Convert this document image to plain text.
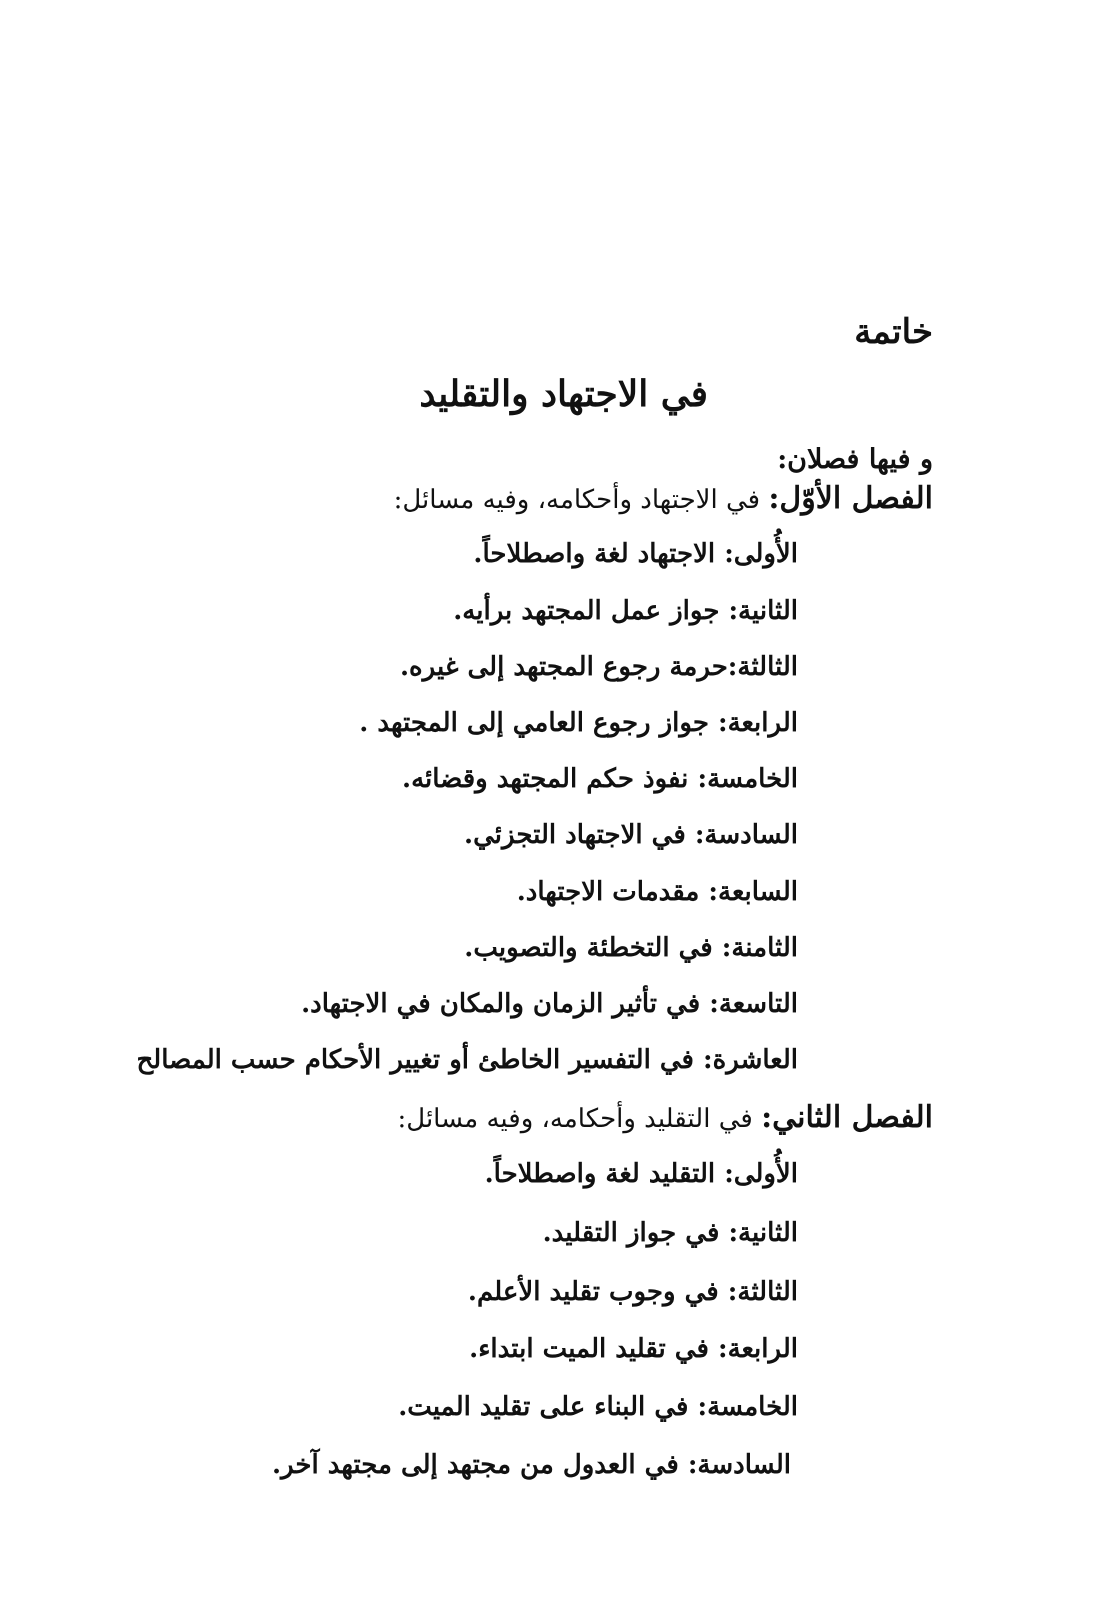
خاتمة
في الاجتهاد والتقليد
و فيها فصلان:
الفصل الأوّل: في الاجتهاد وأحكامه، وفيه مسائل:
الأُولى: الاجتهاد لغة واصطلاحاً.
الثانية: جواز عمل المجتهد برأيه.
الثالثة:حرمة رجوع المجتهد إلى غيره.
الرابعة: جواز رجوع العامي إلى المجتهد .
الخامسة: نفوذ حكم المجتهد وقضائه.
السادسة: في الاجتهاد التجزئي.
السابعة: مقدمات الاجتهاد.
الثامنة: في التخطئة والتصويب.
التاسعة: في تأثير الزمان والمكان في الاجتهاد.
العاشرة: في التفسير الخاطئ أو تغيير الأحكام حسب المصالح
الفصل الثاني: في التقليد وأحكامه، وفيه مسائل:
الأُولى: التقليد لغة واصطلاحاً.
الثانية: في جواز التقليد.
الثالثة: في وجوب تقليد الأعلم.
الرابعة: في تقليد الميت ابتداء.
الخامسة: في البناء على تقليد الميت.
السادسة: في العدول من مجتهد إلى مجتهد آخر.
